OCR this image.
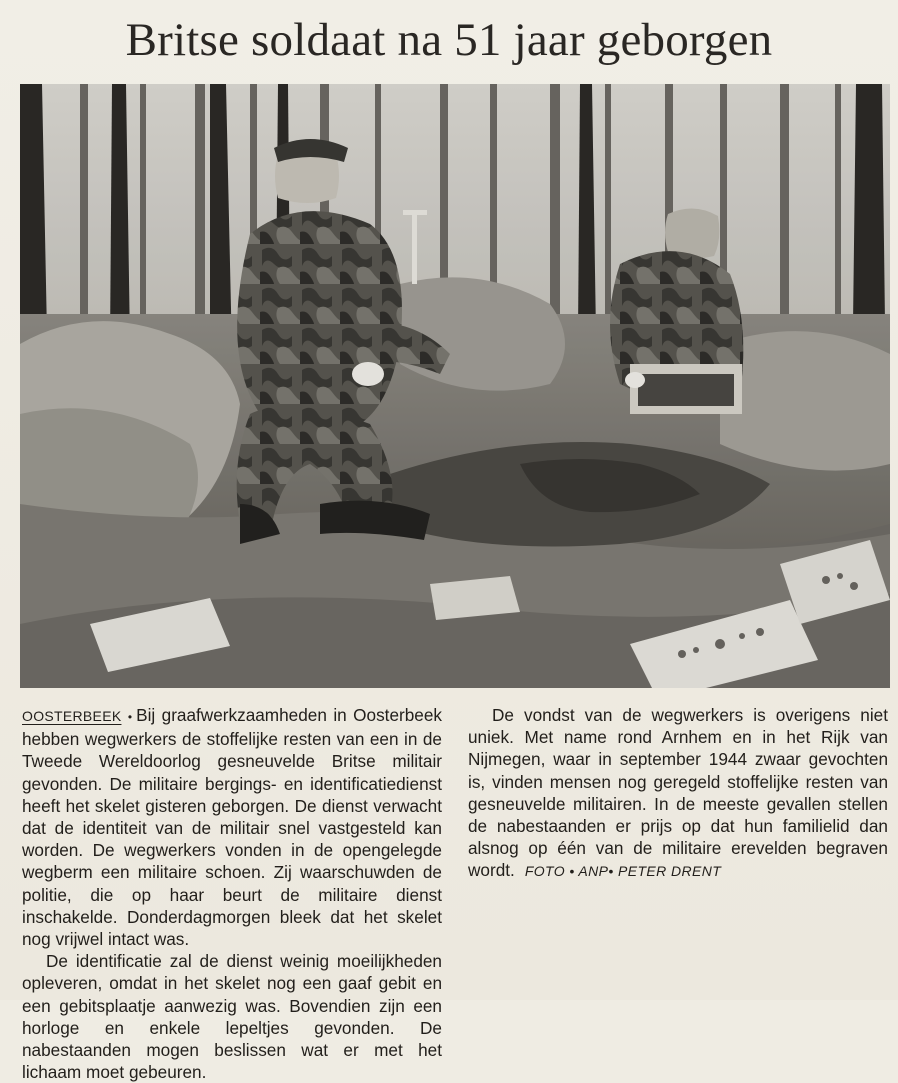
Britse soldaat na 51 jaar geborgen

OOSTERBEEK • Bij graafwerkzaamheden in Oosterbeek hebben wegwerkers de stoffelijke resten van een in de Tweede Wereldoorlog gesneuvelde Britse militair gevonden. De militaire bergings- en identificatiedienst heeft het skelet gisteren geborgen. De dienst verwacht dat de identiteit van de militair snel vastgesteld kan worden. De wegwerkers vonden in de opengelegde wegberm een militaire schoen. Zij waarschuwden de politie, die op haar beurt de militaire dienst inschakelde. Donderdagmorgen bleek dat het skelet nog vrijwel intact was.

De identificatie zal de dienst weinig moeilijkheden opleveren, omdat in het skelet nog een gaaf gebit en een gebitsplaatje aanwezig was. Bovendien zijn een horloge en enkele lepeltjes gevonden. De nabestaanden mogen beslissen wat er met het lichaam moet gebeuren.

De vondst van de wegwerkers is overigens niet uniek. Met name rond Arnhem en in het Rijk van Nijmegen, waar in september 1944 zwaar gevochten is, vinden mensen nog geregeld stoffelijke resten van gesneuvelde militairen. In de meeste gevallen stellen de nabestaanden er prijs op dat hun familielid dan alsnog op één van de militaire erevelden begraven wordt. FOTO • ANP• PETER DRENT
